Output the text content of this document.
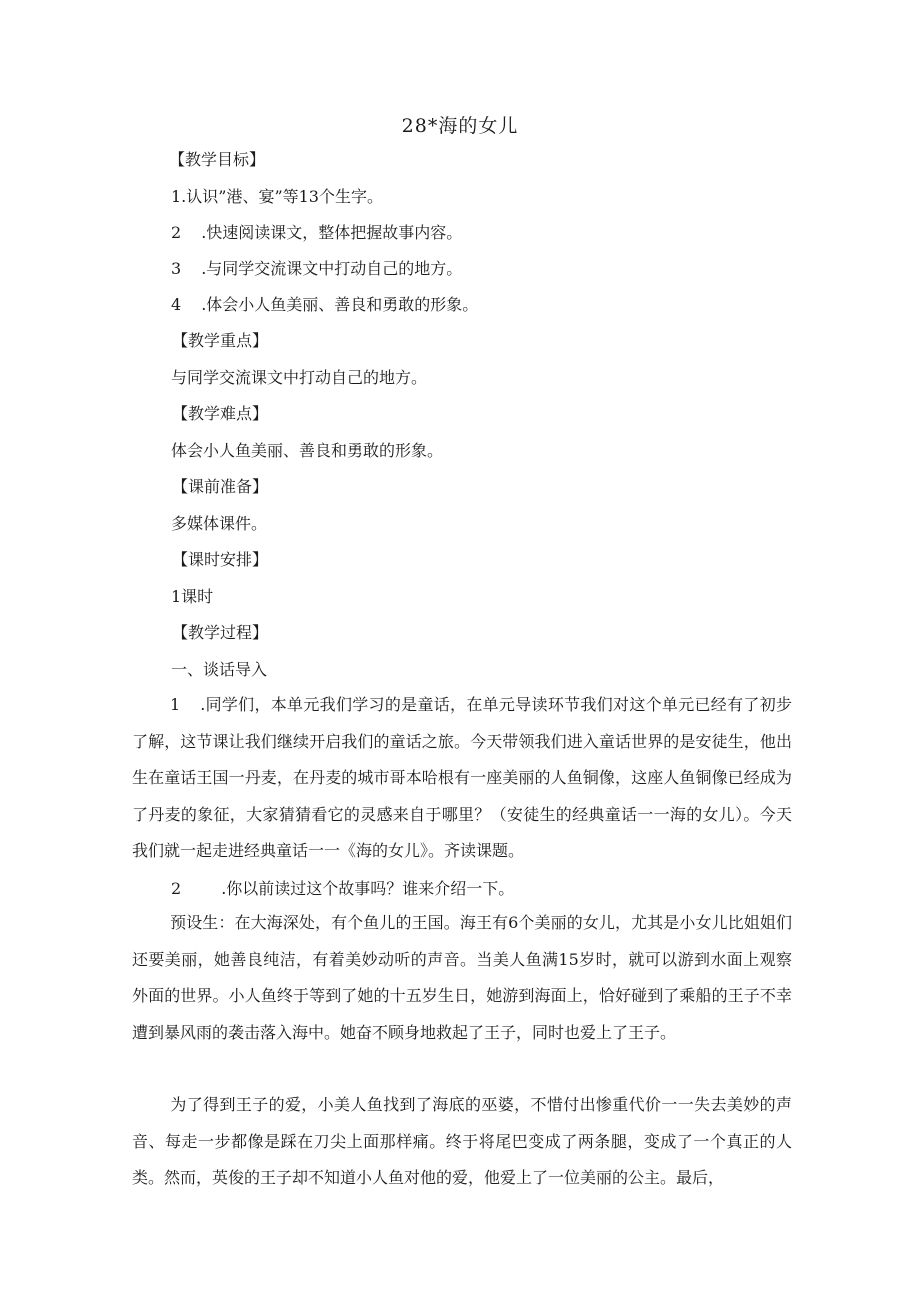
28*海的女儿
【教学目标】
1.认识”港、宴”等13个生字。
2 .快速阅读课文，整体把握故事内容。
3 .与同学交流课文中打动自己的地方。
4 .体会小人鱼美丽、善良和勇敢的形象。
【教学重点】
与同学交流课文中打动自己的地方。
【教学难点】
体会小人鱼美丽、善良和勇敢的形象。
【课前准备】
多媒体课件。
【课时安排】
1课时
【教学过程】
一、谈话导入
1 .同学们，本单元我们学习的是童话，在单元导读环节我们对这个单元已经有了初步了解，这节课让我们继续开启我们的童话之旅。今天带领我们进入童话世界的是安徒生，他出生在童话王国一丹麦，在丹麦的城市哥本哈根有一座美丽的人鱼铜像，这座人鱼铜像已经成为了丹麦的象征，大家猜猜看它的灵感来自于哪里？（安徒生的经典童话一一海的女儿）。今天我们就一起走进经典童话一一《海的女儿》。齐读课题。
2	.你以前读过这个故事吗？谁来介绍一下。
预设生：在大海深处，有个鱼儿的王国。海王有6个美丽的女儿，尤其是小女儿比姐姐们还要美丽，她善良纯洁，有着美妙动听的声音。当美人鱼满15岁时，就可以游到水面上观察外面的世界。小人鱼终于等到了她的十五岁生日，她游到海面上，恰好碰到了乘船的王子不幸遭到暴风雨的袭击落入海中。她奋不顾身地救起了王子，同时也爱上了王子。
为了得到王子的爱，小美人鱼找到了海底的巫婆，不惜付出惨重代价一一失去美妙的声音、每走一步都像是踩在刀尖上面那样痛。终于将尾巴变成了两条腿，变成了一个真正的人类。然而，英俊的王子却不知道小人鱼对他的爱，他爱上了一位美丽的公主。最后，
